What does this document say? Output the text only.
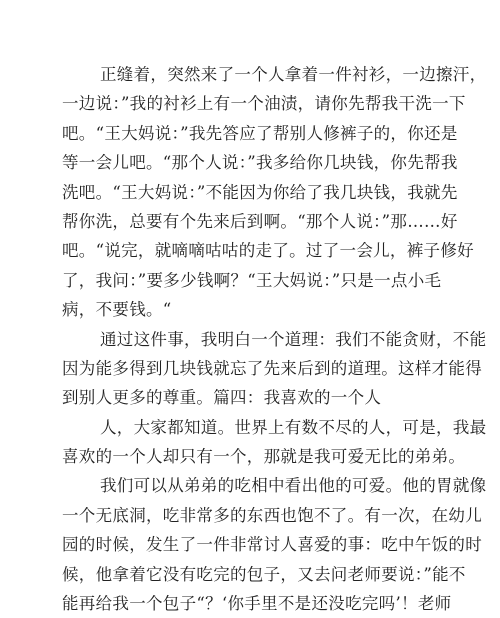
正缝着，突然来了一个人拿着一件衬衫，一边擦汗，
一边说：”我的衬衫上有一个油渍，请你先帮我干洗一下
吧。“王大妈说：”我先答应了帮别人修裤子的，你还是
等一会儿吧。“那个人说：”我多给你几块钱，你先帮我
洗吧。“王大妈说：”不能因为你给了我几块钱，我就先
帮你洗，总要有个先来后到啊。“那个人说：”那……好
吧。“说完，就嘀嘀咕咕的走了。过了一会儿，裤子修好
了，我问：”要多少钱啊？“王大妈说：”只是一点小毛
病，不要钱。“
通过这件事，我明白一个道理：我们不能贪财，不能
因为能多得到几块钱就忘了先来后到的道理。这样才能得
到别人更多的尊重。篇四：我喜欢的一个人
人，大家都知道。世界上有数不尽的人，可是，我最
喜欢的一个人却只有一个，那就是我可爱无比的弟弟。
我们可以从弟弟的吃相中看出他的可爱。他的胃就像
一个无底洞，吃非常多的东西也饱不了。有一次，在幼儿
园的时候，发生了一件非常讨人喜爱的事：吃中午饭的时
候，他拿着它没有吃完的包子，又去问老师要说：”能不
能再给我一个包子“？‘你手里不是还没吃完吗’！老师
